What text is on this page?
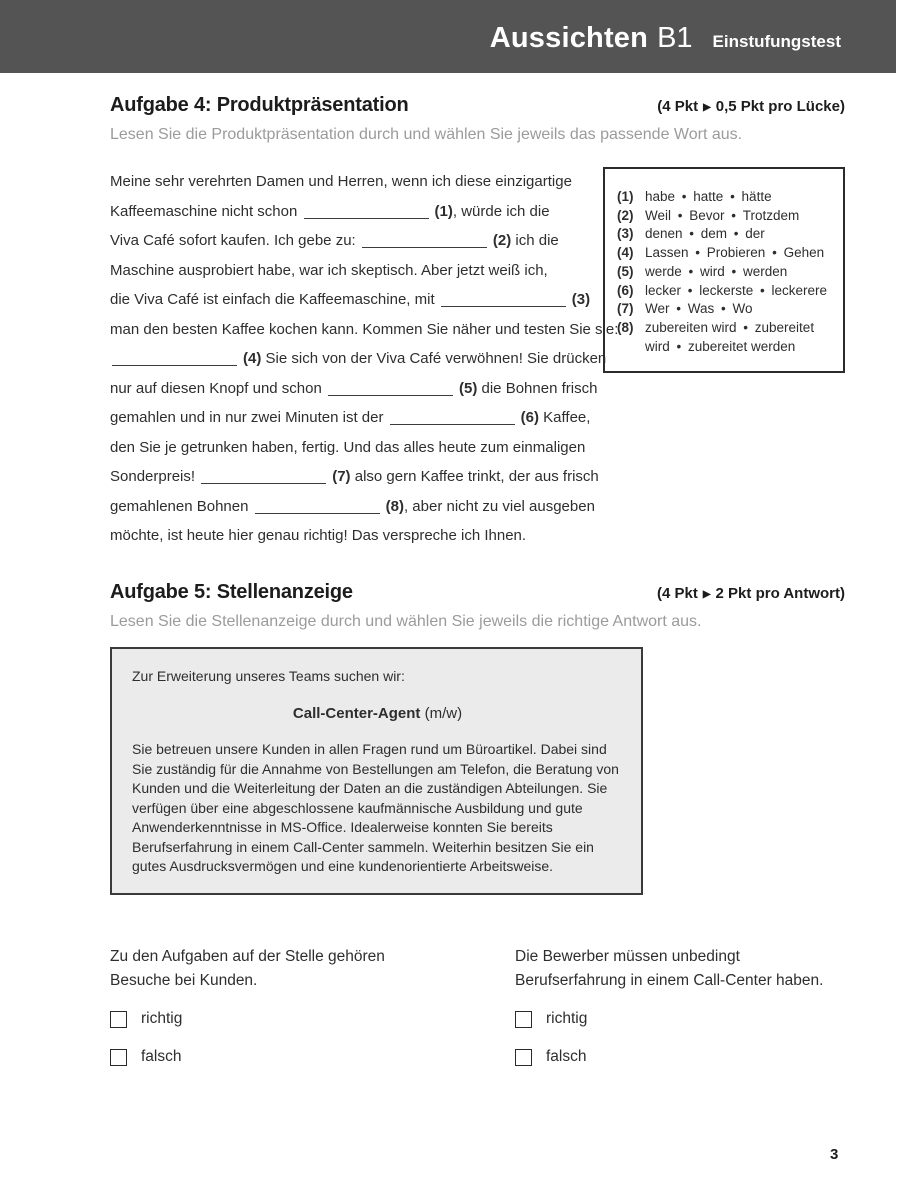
Aussichten B1 Einstufungstest
Aufgabe 4: Produktpräsentation	(4 Pkt ▶ 0,5 Pkt pro Lücke)

Lesen Sie die Produktpräsentation durch und wählen Sie jeweils das passende Wort aus.

Meine sehr verehrten Damen und Herren, wenn ich diese einzigartige
Kaffeemaschine nicht schon	(1), würde ich die
Viva Café sofort kaufen. Ich gebe zu:	(2) ich die
Maschine ausprobiert habe, war ich skeptisch. Aber jetzt weiß ich,
die Viva Café ist einfach die Kaffeemaschine, mit	(3)
man den besten Kaffee kochen kann. Kommen Sie näher und testen Sie sie:
(4) Sie sich von der Viva Café verwöhnen! Sie drücken
nur auf diesen Knopf und schon	(5) die Bohnen frisch
gemahlen und in nur zwei Minuten ist der	(6) Kaffee,
den Sie je getrunken haben, fertig. Und das alles heute zum einmaligen
Sonderpreis!	(7) also gern Kaffee trinkt, der aus frisch
gemahlenen Bohnen	(8), aber nicht zu viel ausgeben
möchte, ist heute hier genau richtig! Das verspreche ich Ihnen.
(1) habe • hatte • hätte
(2) Weil • Bevor • Trotzdem
(3) denen • dem • der
(4) Lassen • Probieren • Gehen
(5) werde • wird • werden
(6) lecker • leckerste • leckerere
(7) Wer • Was • Wo
(8) zubereiten wird • zubereitet wird • zubereitet werden
Aufgabe 5: Stellenanzeige	(4 Pkt ▶ 2 Pkt pro Antwort)

Lesen Sie die Stellenanzeige durch und wählen Sie jeweils die richtige Antwort aus.

Zur Erweiterung unseres Teams suchen wir:

Call-Center-Agent (m/w)

Sie betreuen unsere Kunden in allen Fragen rund um Büroartikel. Dabei sind Sie zuständig für die Annahme von Bestellungen am Telefon, die Beratung von Kunden und die Weiterleitung der Daten an die zuständigen Abteilungen. Sie verfügen über eine abgeschlossene kaufmännische Ausbildung und gute Anwenderkenntnisse in MS-Office. Idealerweise konnten Sie bereits Berufserfahrung in einem Call-Center sammeln. Weiterhin besitzen Sie ein gutes Ausdrucksvermögen und eine kundenorientierte Arbeitsweise.

Zu den Aufgaben auf der Stelle gehören Besuche bei Kunden.

richtig
falsch

Die Bewerber müssen unbedingt Berufserfahrung in einem Call-Center haben.

richtig
falsch
3
